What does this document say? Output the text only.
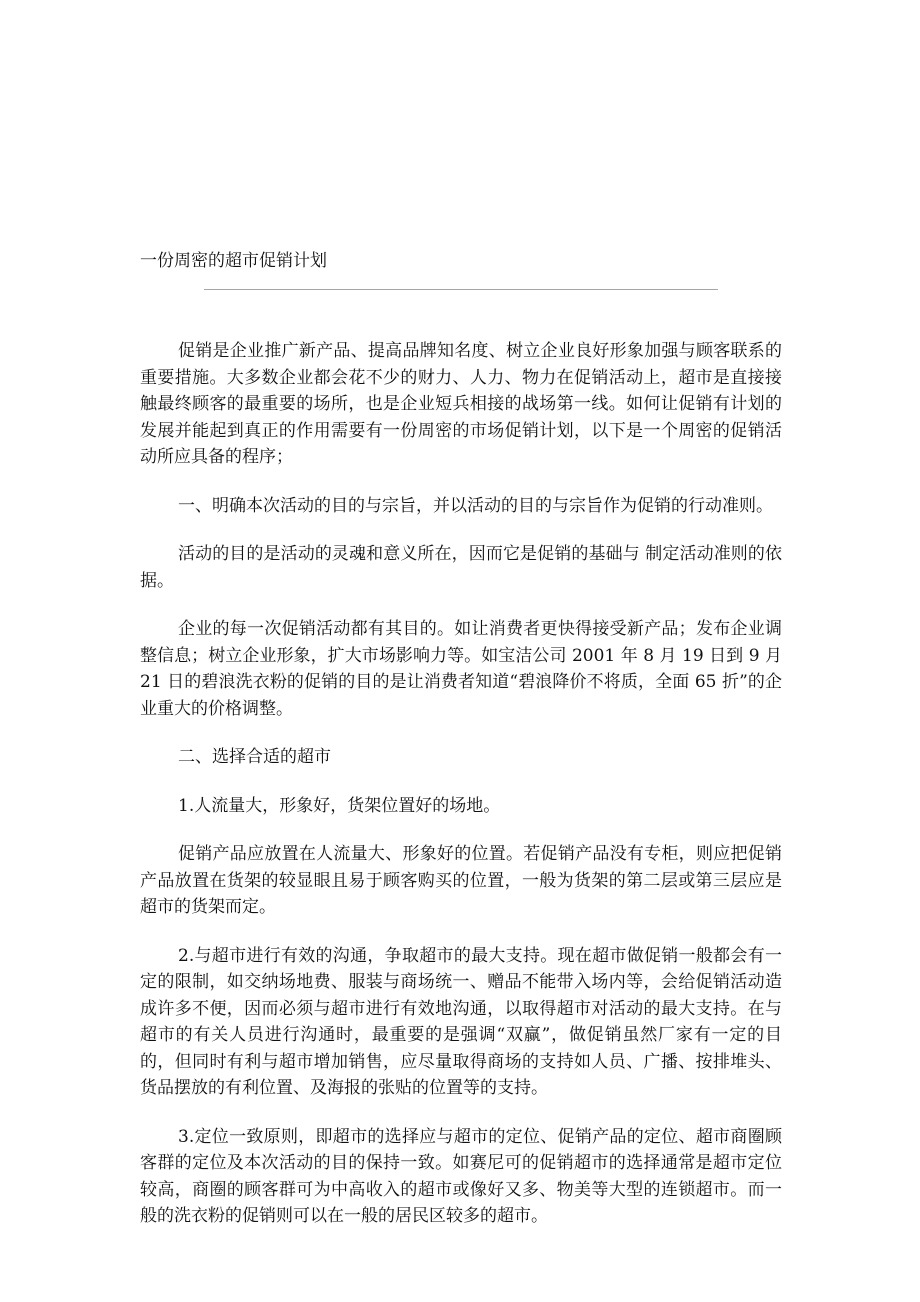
一份周密的超市促销计划

促销是企业推广新产品、提高品牌知名度、树立企业良好形象加强与顾客联系的重要措施。大多数企业都会花不少的财力、人力、物力在促销活动上，超市是直接接触最终顾客的最重要的场所，也是企业短兵相接的战场第一线。如何让促销有计划的发展并能起到真正的作用需要有一份周密的市场促销计划，以下是一个周密的促销活动所应具备的程序；

一、明确本次活动的目的与宗旨，并以活动的目的与宗旨作为促销的行动准则。

活动的目的是活动的灵魂和意义所在，因而它是促销的基础与 制定活动准则的依据。

企业的每一次促销活动都有其目的。如让消费者更快得接受新产品；发布企业调整信息；树立企业形象，扩大市场影响力等。如宝洁公司 2001 年 8 月 19 日到 9 月 21 日的碧浪洗衣粉的促销的目的是让消费者知道“碧浪降价不将质，全面 65 折”的企业重大的价格调整。

二、选择合适的超市

1.人流量大，形象好，货架位置好的场地。

促销产品应放置在人流量大、形象好的位置。若促销产品没有专柜，则应把促销产品放置在货架的较显眼且易于顾客购买的位置，一般为货架的第二层或第三层应是超市的货架而定。

2.与超市进行有效的沟通，争取超市的最大支持。现在超市做促销一般都会有一定的限制，如交纳场地费、服装与商场统一、赠品不能带入场内等，会给促销活动造成许多不便，因而必须与超市进行有效地沟通，以取得超市对活动的最大支持。在与超市的有关人员进行沟通时，最重要的是强调“双赢”，做促销虽然厂家有一定的目的，但同时有利与超市增加销售，应尽量取得商场的支持如人员、广播、按排堆头、货品摆放的有利位置、及海报的张贴的位置等的支持。

3.定位一致原则，即超市的选择应与超市的定位、促销产品的定位、超市商圈顾客群的定位及本次活动的目的保持一致。如赛尼可的促销超市的选择通常是超市定位较高，商圈的顾客群可为中高收入的超市或像好又多、物美等大型的连锁超市。而一般的洗衣粉的促销则可以在一般的居民区较多的超市。
